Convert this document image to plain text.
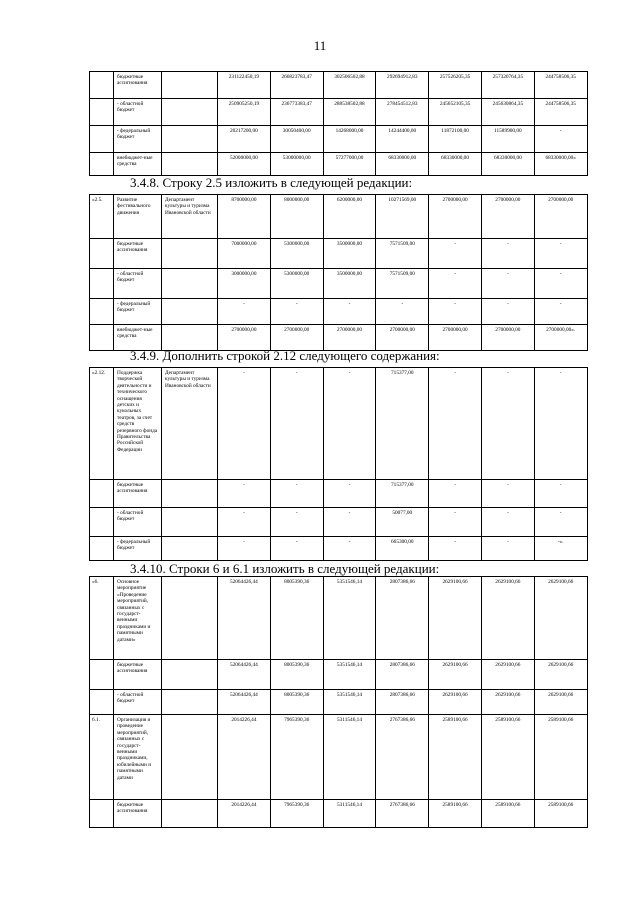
11
	бюджетные ассигнования		231122450,19	266823783,47	302506502,88	292694912,83	257526205,35	257320764,35	244758506,35
	- областной бюджет		250905250,19	236773383,47	288538502,88	278454512,83	245652105,35	245630864,35	244758506,35
	- федеральный бюджет		20217200,00	30050400,00	14268000,00	14244400,00	11872100,00	11589900,00	-
	внебюджет-ные средства		52000000,00	53000000,00	57277000,00	68330000,00	68330000,00	68330000,00	68330000,00»
3.4.8. Строку 2.5 изложить в следующей редакции:
«2.5.	Развитие фестивального движения	Департамент культуры и туризма Ивановской области	8700000,00	8000000,00	6200000,00	10271569,00	2700000,00	2700000,00	2700000,00
	бюджетные ассигнования		7000000,00	5300000,00	3500000,00	7571509,00	-	-	-
	- областной бюджет		3000000,00	5300000,00	3500000,00	7571509,00	-	-	-
	- федеральный бюджет		-	-	-	-	-	-	-
	внебюджет-ные средства		2700000,00	2700000,00	2700000,00	2700000,00	2700000,00	2700000,00	2700000,00».
3.4.9. Дополнить строкой 2.12 следующего содержания:
«2.12.	Поддержка творческой деятельности и технического оснащения детских и кукольных театров, за счет средств резервного фонда Правительства Российской Федерации	Департамент культуры и туризма Ивановской области	-	-	-	715377,00	-	-	-
	бюджетные ассигнования		-	-	-	715377,00	-	-	-
	- областной бюджет		-	-	-	50077,00	-	-	-
	- федеральный бюджет		-	-	-	665300,00	-	-	-».
3.4.10. Строки 6 и 6.1 изложить в следующей редакции:
«6.	Основное мероприятие «Проведение мероприятий, связанных с государст-венными праздниками и памятными датами»		52064426,44	8005390,36	5351546,14	2807386,66	2629100,66	2629100,66	2629100,66
	бюджетные ассигнования		52064426,44	8005390,36	5351546,14	2807386,66	2629100,66	2629100,66	2629100,66
	- областной бюджет		52064426,44	8005390,36	5351546,14	2807386,66	2629100,66	2629100,66	2629100,66
6.1.	Организация и проведение мероприятий, связанных с государст-венными праздниками, юбилейными и памятными датами		2014226,44	7965390,36	5311546,14	2767386,66	2589100,66	2589100,66	2589100,66
	бюджетные ассигнования		2014226,44	7965390,36	5311546,14	2767386,66	2589100,66	2589100,66	2589100,66
